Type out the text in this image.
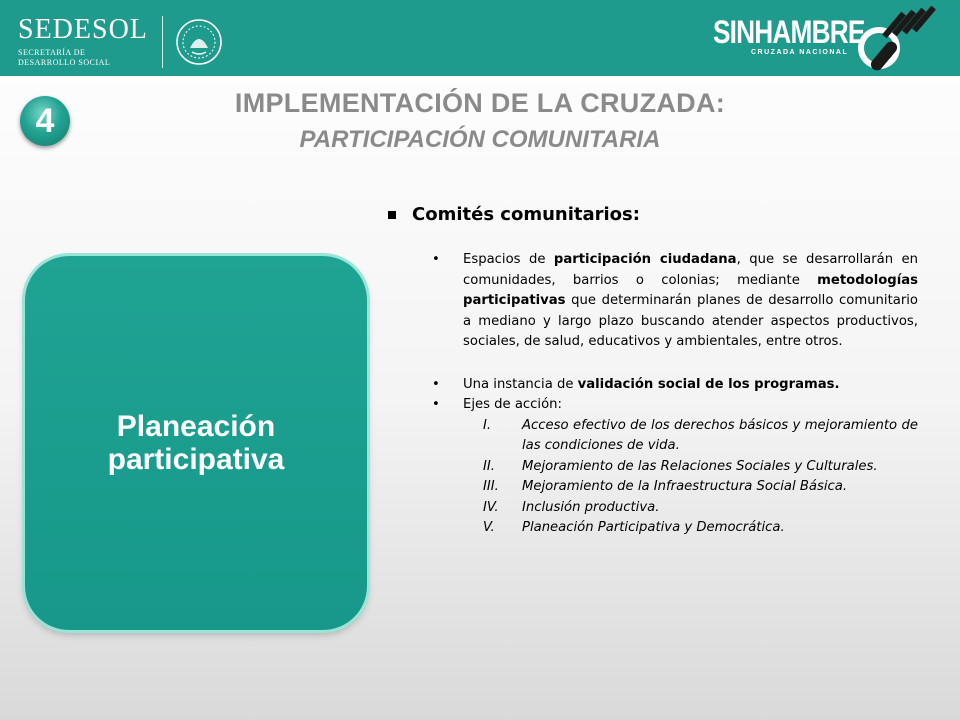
SEDESOL
SECRETARÍA DE
DESARROLLO SOCIAL
SINHAMBRE
CRUZADA NACIONAL
4	IMPLEMENTACIÓN DE LA CRUZADA:
PARTICIPACIÓN COMUNITARIA
Planeación
participativa
Comités comunitarios:
• Espacios de participación ciudadana, que se desarrollarán en comunidades, barrios o colonias; mediante metodologías participativas que determinarán planes de desarrollo comunitario a mediano y largo plazo buscando atender aspectos productivos, sociales, de salud, educativos y ambientales, entre otros.
• Una instancia de validación social de los programas.
• Ejes de acción:
I. Acceso efectivo de los derechos básicos y mejoramiento de las condiciones de vida.
II. Mejoramiento de las Relaciones Sociales y Culturales.
III. Mejoramiento de la Infraestructura Social Básica.
IV. Inclusión productiva.
V. Planeación Participativa y Democrática.
